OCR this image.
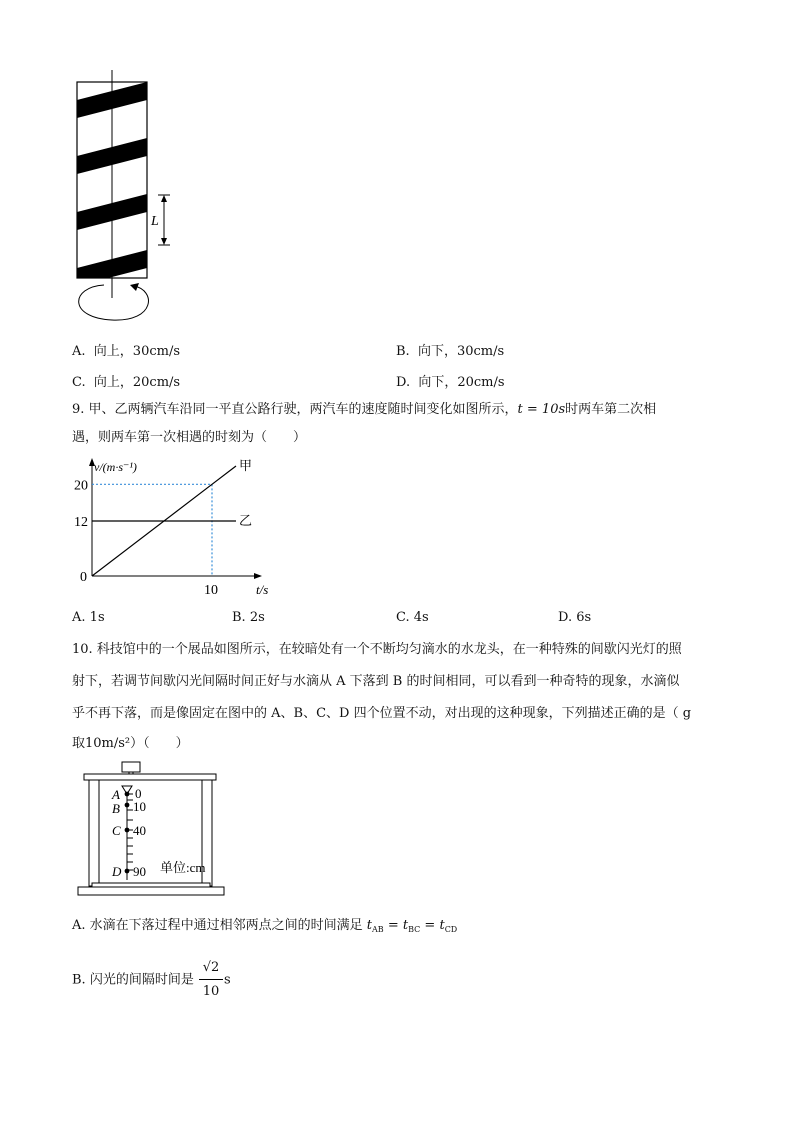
L
A. 向上，30cm/s	B. 向下，30cm/s
C. 向上，20cm/s	D. 向下，20cm/s
9. 甲、乙两辆汽车沿同一平直公路行驶，两汽车的速度随时间变化如图所示，t = 10s时两车第二次相
遇，则两车第一次相遇的时刻为（　　）
甲
乙
20
12
0
10	t/s
v/(m·s⁻¹)
A. 1s	B. 2s	C. 4s	D. 6s
10. 科技馆中的一个展品如图所示，在较暗处有一个不断均匀滴水的水龙头，在一种特殊的间歇闪光灯的照
射下，若调节间歇闪光间隔时间正好与水滴从 A 下落到 B 的时间相同，可以看到一种奇特的现象，水滴似
乎不再下落，而是像固定在图中的 A、B、C、D 四个位置不动，对出现的这种现象，下列描述正确的是（ g
取10m/s²）（　　）
A
B
C
D
0
10
40
90 单位:cm
A. 水滴在下落过程中通过相邻两点之间的时间满足 $t_{AB} = t_{BC} = t_{CD}$
B. 闪光的间隔时间是
√2
10
s
